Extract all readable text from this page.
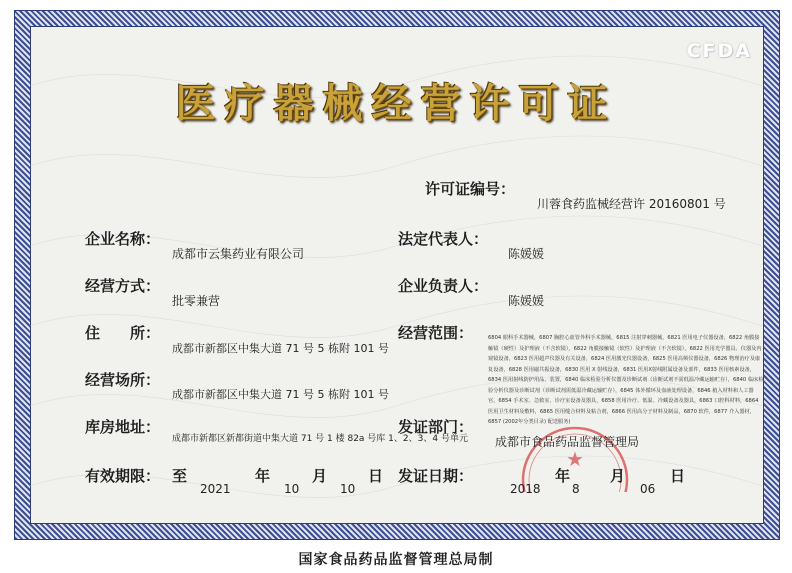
CFDA
医疗器械经营许可证
许可证编号：
川蓉食药监械经营许 20160801 号
企业名称：
成都市云集药业有限公司
法定代表人：
陈媛媛
经营方式：
批零兼营
企业负责人：
陈媛媛
住　　所：
成都市新都区中集大道 71 号 5 栋附 101 号
经营范围：	6804 眼科手术器械，6807 胸腔心血管外科手术器械，6815 注射穿刺器械，6821 医用电子仪器设备，6822 角膜接触镜（硬性）及护理液（不含软镜），6822 角膜接触镜（软性）及护理液（不含软镜），6822 医用光学器具、仪器及内窥镜设备，6823 医用超声仪器及有关设备，6824 医用激光仪器设备，6825 医用高频仪器设备，6826 物理治疗及康复设备，6828 医用磁共振设备，6830 医用 X 射线设备，6831 医用X射线附属设备及部件，6833 医用核素设备，6834 医用射线防护用品、装置，6840 临床检验分析仪器及诊断试剂（诊断试剂不需低温冷藏运输贮存），6840 临床检验分析仪器及诊断试剂（诊断试剂需低温冷藏运输贮存），6845 体外循环及血液处理设备，6846 植入材料和人工器官，6854 手术室、急救室、诊疗室设备及器具，6858 医用冷疗、低温、冷藏设备及器具，6863 口腔科材料，6864 医用卫生材料及敷料，6865 医用缝合材料及粘合剂，6866 医用高分子材料及制品，6870 软件，6877 介入器材，6857 (2002年分类目录) 配送服务)
经营场所：
成都市新都区中集大道 71 号 5 栋附 101 号
库房地址：
成都市新都区新都街道中集大道 71 号 1 楼 82a 号库 1、2、3、4 号单元
发证部门：
★
成都市食品药品监督管理局
有效期限： 至
2021
年
10
月
10
日 发证日期：
2018
年
8
月
06
日
国家食品药品监督管理总局制
